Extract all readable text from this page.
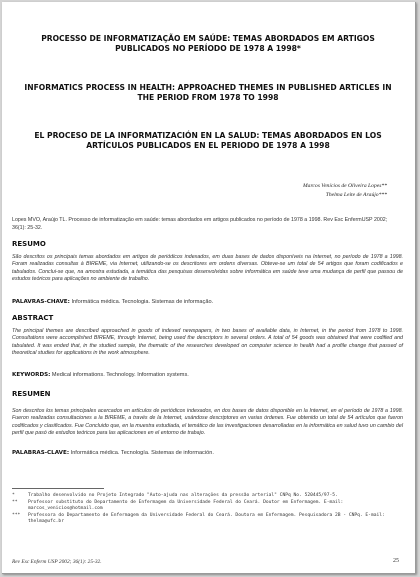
PROCESSO DE INFORMATIZAÇÃO EM SAÚDE: TEMAS ABORDADOS EM ARTIGOS PUBLICADOS NO PERÍODO DE 1978 A 1998*
INFORMATICS PROCESS IN HEALTH: APPROACHED THEMES IN PUBLISHED ARTICLES IN THE PERIOD FROM 1978 TO 1998
EL PROCESO DE LA INFORMATIZACIÓN EN LA SALUD: TEMAS ABORDADOS EN LOS ARTÍCULOS PUBLICADOS EN EL PERIODO DE 1978 A 1998
Marcos Venícios de Oliveira Lopes**
Thelma Leite de Araújo***

Lopes MVO, Araújo TL. Processo de informatização em saúde: temas abordados em artigos publicados no período de 1978 a 1998. Rev Esc EnfermUSP 2002; 36(1): 25-32.

RESUMO

São descritos os principais temas abordados em artigos de periódicos indexados, em duas bases de dados disponíveis na Internet, no período de 1978 a 1998. Foram realizadas consultas à BIREME, via Internet, utilizando-se os descritores em ordens diversas. Obteve-se um total de 54 artigos que foram codificados e tabulados. Conclui-se que, na amostra estudada, a temática das pesquisas desenvolvidas sobre informática em saúde teve uma mudança de perfil que passou de estudos teóricos para aplicações no ambiente de trabalho.

PALAVRAS-CHAVE: Informática médica. Tecnologia. Sistemas de informação.
ABSTRACT

The principal themes are described approached in goods of indexed newspapers, in two bases of available data, in Internet, in the period from 1978 to 1998. Consultations were accomplished BIREME, through Internet, being used the descriptors in several orders. A total of 54 goods was obtained that were codified and tabulated. It was ended that, in the studied sample, the thematic of the researches developed on computer science in health had a profile change that passed of theoretical studies for applications in the work atmosphere.

KEYWORDS: Medical informations. Technology. Information systems.
RESUMEN

Son descritos los temas principales acercados en artículos de periódicos indexados, en dos bases de datos disponible en la Internet, en el período de 1978 a 1998. Fueron realizadas consultaciones a la BIREME, a través de la Internet, usándose descriptores en varias órdenes. Fue obtenido un total de 54 artículos que fueron codificados y clasificados. Fue Concluido que, en la muestra estudiada, el temático de las investigaciones desarrolladas en la informática en salud tuvo un cambio del perfil que pasó de estudios teóricos para las aplicaciones en el entorno de trabajo.

PALABRAS-CLAVE: Informática médica. Tecnología. Sistemas de información.
*	Trabalho desenvolvido no Projeto Integrado "Auto-ajuda nas alterações da pressão arterial" CNPq No. 520445/97-5.
** Professor substituto do Departamento de Enfermagem da Universidade Federal do Ceará. Doutor em Enfermagem. E-mail: marcos_venicios@hotmail.com
*** Professora do Departamento de Enfermagem da Universidade Federal do Ceará. Doutora em Enfermagem. Pesquisadora 2B - CNPq. E-mail: thelma@ufc.br
Rev Esc Enferm USP 2002; 36(1): 25-32.	25
